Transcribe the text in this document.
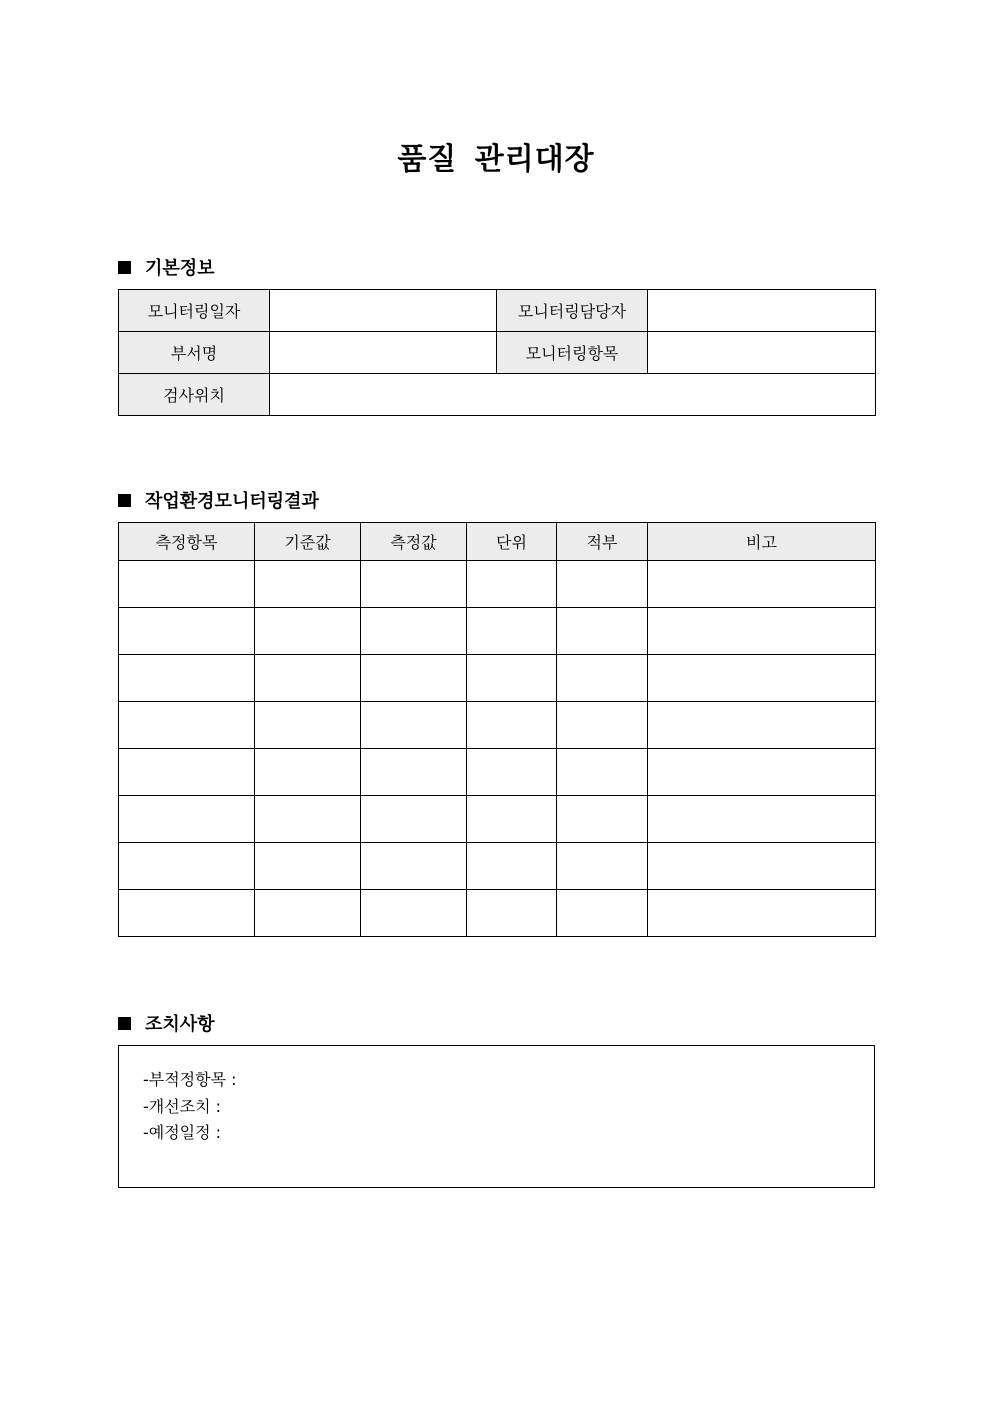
품질 관리대장
기본정보
모니터링일자		모니터링담당자	
부서명		모니터링항목	
검사위치			
작업환경모니터링결과
측정항목	기준값	측정값	단위	적부	비고

조치사항
-부적정항목 :
-개선조치 :
-예정일정 :
